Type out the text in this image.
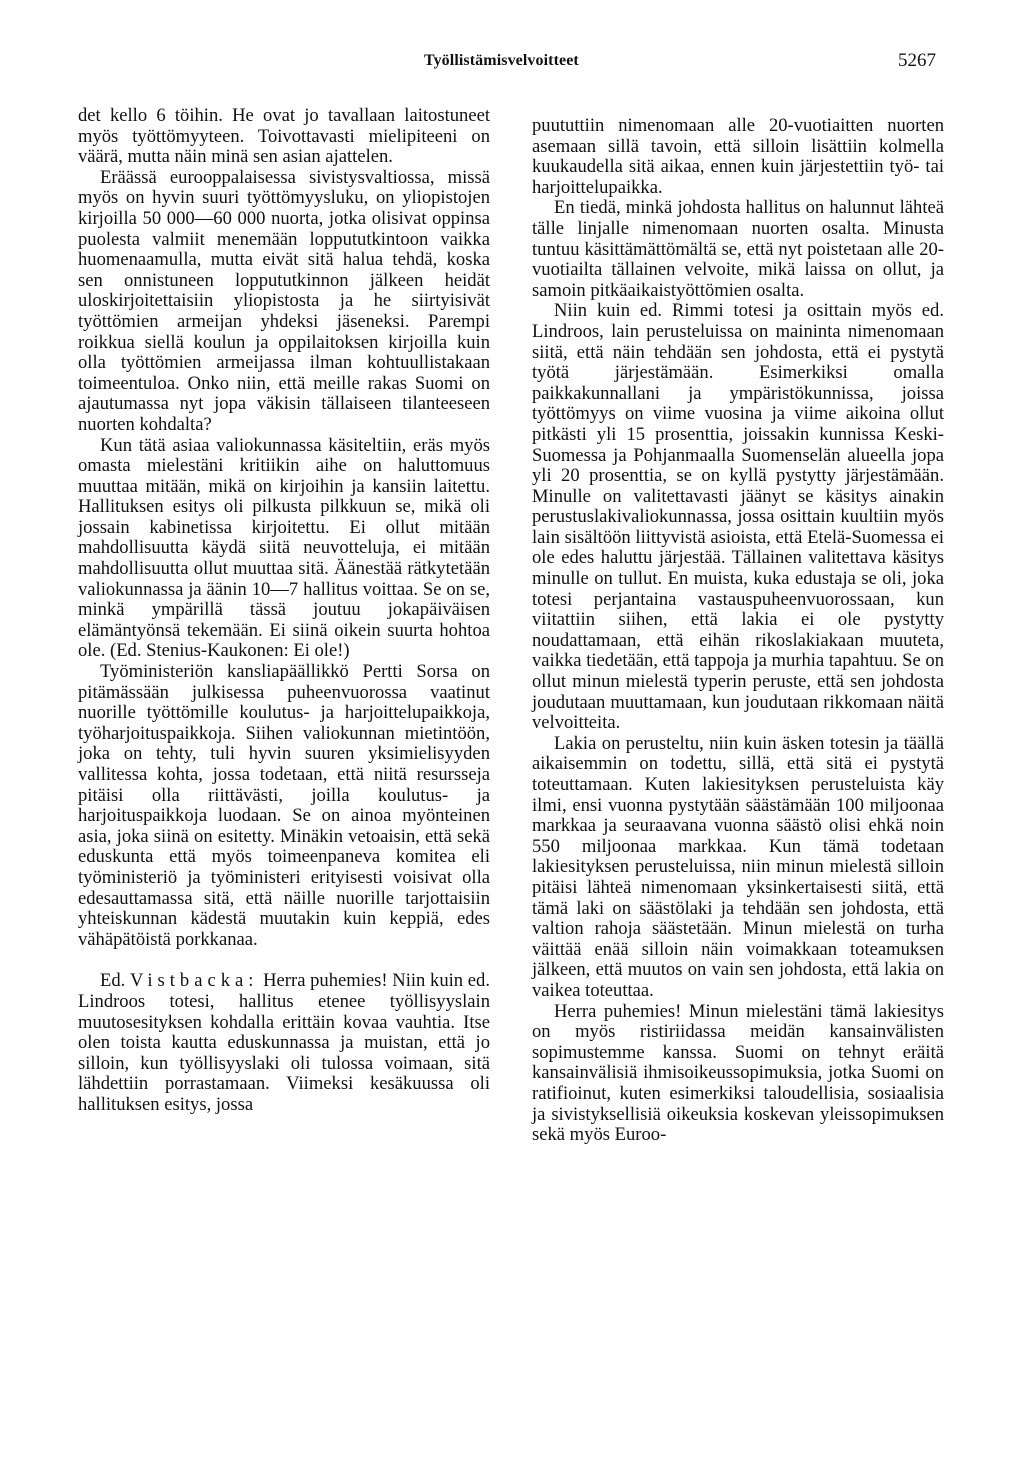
Työllistämisvelvoitteet	5267

det kello 6 töihin. He ovat jo tavallaan laitostuneet myös työttömyyteen. Toivottavasti mielipiteeni on väärä, mutta näin minä sen asian ajattelen.

Eräässä eurooppalaisessa sivistysvaltiossa, missä myös on hyvin suuri työttömyysluku, on yliopistojen kirjoilla 50 000—60 000 nuorta, jotka olisivat oppinsa puolesta valmiit menemään loppututkintoon vaikka huomenaamulla, mutta eivät sitä halua tehdä, koska sen onnistuneen loppututkinnon jälkeen heidät uloskirjoitettaisiin yliopistosta ja he siirtyisivät työttömien armeijan yhdeksi jäseneksi. Parempi roikkua siellä koulun ja oppilaitoksen kirjoilla kuin olla työttömien armeijassa ilman kohtuullistakaan toimeentuloa. Onko niin, että meille rakas Suomi on ajautumassa nyt jopa väkisin tällaiseen tilanteeseen nuorten kohdalta?

Kun tätä asiaa valiokunnassa käsiteltiin, eräs myös omasta mielestäni kritiikin aihe on haluttomuus muuttaa mitään, mikä on kirjoihin ja kansiin laitettu. Hallituksen esitys oli pilkusta pilkkuun se, mikä oli jossain kabinetissa kirjoitettu. Ei ollut mitään mahdollisuutta käydä siitä neuvotteluja, ei mitään mahdollisuutta ollut muuttaa sitä. Äänestää rätkytetään valiokunnassa ja äänin 10—7 hallitus voittaa. Se on se, minkä ympärillä tässä joutuu jokapäiväisen elämäntyönsä tekemään. Ei siinä oikein suurta hohtoa ole. (Ed. Stenius-Kaukonen: Ei ole!)

Työministeriön kansliapäällikkö Pertti Sorsa on pitämässään julkisessa puheenvuorossa vaatinut nuorille työttömille koulutus- ja harjoittelupaikkoja, työharjoituspaikkoja. Siihen valiokunnan mietintöön, joka on tehty, tuli hyvin suuren yksimielisyyden vallitessa kohta, jossa todetaan, että niitä resursseja pitäisi olla riittävästi, joilla koulutus- ja harjoituspaikkoja luodaan. Se on ainoa myönteinen asia, joka siinä on esitetty. Minäkin vetoaisin, että sekä eduskunta että myös toimeenpaneva komitea eli työministeriö ja työministeri erityisesti voisivat olla edesauttamassa sitä, että näille nuorille tarjottaisiin yhteiskunnan kädestä muutakin kuin keppiä, edes vähäpätöistä porkkanaa.

Ed. Vistbacka: Herra puhemies! Niin kuin ed. Lindroos totesi, hallitus etenee työllisyyslain muutosesityksen kohdalla erittäin kovaa vauhtia. Itse olen toista kautta eduskunnassa ja muistan, että jo silloin, kun työllisyyslaki oli tulossa voimaan, sitä lähdettiin porrastamaan. Viimeksi kesäkuussa oli hallituksen esitys, jossa

puututtiin nimenomaan alle 20-vuotiaitten nuorten asemaan sillä tavoin, että silloin lisättiin kolmella kuukaudella sitä aikaa, ennen kuin järjestettiin työ- tai harjoittelupaikka.

En tiedä, minkä johdosta hallitus on halunnut lähteä tälle linjalle nimenomaan nuorten osalta. Minusta tuntuu käsittämättömältä se, että nyt poistetaan alle 20-vuotiailta tällainen velvoite, mikä laissa on ollut, ja samoin pitkäaikaistyöttömien osalta.

Niin kuin ed. Rimmi totesi ja osittain myös ed. Lindroos, lain perusteluissa on maininta nimenomaan siitä, että näin tehdään sen johdosta, että ei pystytä työtä järjestämään. Esimerkiksi omalla paikkakunnallani ja ympäristökunnissa, joissa työttömyys on viime vuosina ja viime aikoina ollut pitkästi yli 15 prosenttia, joissakin kunnissa Keski-Suomessa ja Pohjanmaalla Suomenselän alueella jopa yli 20 prosenttia, se on kyllä pystytty järjestämään. Minulle on valitettavasti jäänyt se käsitys ainakin perustuslakivaliokunnassa, jossa osittain kuultiin myös lain sisältöön liittyvistä asioista, että Etelä-Suomessa ei ole edes haluttu järjestää. Tällainen valitettava käsitys minulle on tullut. En muista, kuka edustaja se oli, joka totesi perjantaina vastauspuheenvuorossaan, kun viitattiin siihen, että lakia ei ole pystytty noudattamaan, että eihän rikoslakiakaan muuteta, vaikka tiedetään, että tappoja ja murhia tapahtuu. Se on ollut minun mielestä typerin peruste, että sen johdosta joudutaan muuttamaan, kun joudutaan rikkomaan näitä velvoitteita.

Lakia on perusteltu, niin kuin äsken totesin ja täällä aikaisemmin on todettu, sillä, että sitä ei pystytä toteuttamaan. Kuten lakiesityksen perusteluista käy ilmi, ensi vuonna pystytään säästämään 100 miljoonaa markkaa ja seuraavana vuonna säästö olisi ehkä noin 550 miljoonaa markkaa. Kun tämä todetaan lakiesityksen perusteluissa, niin minun mielestä silloin pitäisi lähteä nimenomaan yksinkertaisesti siitä, että tämä laki on säästölaki ja tehdään sen johdosta, että valtion rahoja säästetään. Minun mielestä on turha väittää enää silloin näin voimakkaan toteamuksen jälkeen, että muutos on vain sen johdosta, että lakia on vaikea toteuttaa.

Herra puhemies! Minun mielestäni tämä lakiesitys on myös ristiriidassa meidän kansainvälisten sopimustemme kanssa. Suomi on tehnyt eräitä kansainvälisiä ihmisoikeussopimuksia, jotka Suomi on ratifioinut, kuten esimerkiksi taloudellisia, sosiaalisia ja sivistyksellisiä oikeuksia koskevan yleissopimuksen sekä myös Euroo-
